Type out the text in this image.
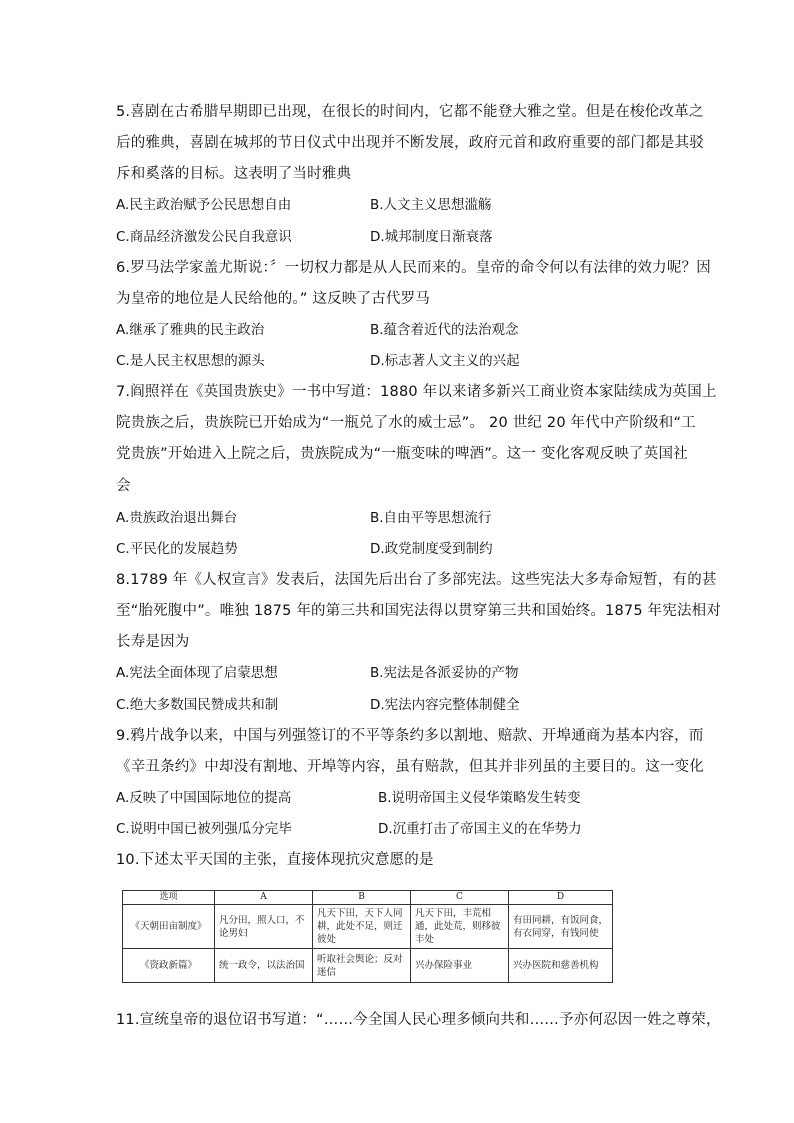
5.喜剧在古希腊早期即已出现，在很长的时间内，它都不能登大雅之堂。但是在梭伦改革之
后的雅典，喜剧在城邦的节日仪式中出现并不断发展，政府元首和政府重要的部门都是其驳
斥和奚落的目标。这表明了当时雅典
A.民主政治赋予公民思想自由	B.人文主义思想滥觞
C.商品经济激发公民自我意识	D.城邦制度日渐衰落
6.罗马法学家盖尤斯说：〞一切权力都是从人民而来的。皇帝的命令何以有法律的效力呢？因
为皇帝的地位是人民给他的。” 这反映了古代罗马
A.继承了雅典的民主政治	B.蕴含着近代的法治观念
C.是人民主权思想的源头	D.标志著人文主义的兴起
7.阎照祥在《英国贵族史》一书中写道：1880 年以来诸多新兴工商业资本家陆续成为英国上
院贵族之后，贵族院已开始成为“一瓶兑了水的威士忌”。 20 世纪 20 年代中产阶级和“工
党贵族”开始进入上院之后，贵族院成为“一瓶变味的啤酒”。这一 变化客观反映了英国社
会
A.贵族政治退出舞台	B.自由平等思想流行
C.平民化的发展趋势	D.政党制度受到制约
8.1789 年《人权宣言》发表后，法国先后出台了多部宪法。这些宪法大多寿命短暂，有的甚
至“胎死腹中”。唯独 1875 年的第三共和国宪法得以贯穿第三共和国始终。1875 年宪法相对
长寿是因为
A.宪法全面体现了启蒙思想	B.宪法是各派妥协的产物
C.绝大多数国民赞成共和制	D.宪法内容完整体制健全
9.鸦片战争以来，中国与列强签订的不平等条约多以割地、赔款、开埠通商为基本内容，而
《辛丑条约》中却没有割地、开埠等内容，虽有赔款，但其并非列虽的主要目的。这一变化
A.反映了中国国际地位的提高	B.说明帝国主义侵华策略发生转变
C.说明中国已被列强瓜分完毕	D.沉重打击了帝国主义的在华势力
10.下述太平天国的主张，直接体现抗灾意愿的是
选项	A	B	C	D
《天朝田亩制度》	凡分田，照人口，不论男妇	凡天下田，天下人同耕，此处不足，则迁彼处	凡天下田，丰荒相通，此处荒，则移彼丰处	有田同耕，有饭同食，有衣同穿，有钱同使
《资政新篇》	统一政令，以法治国	听取社会舆论；反对迷信	兴办保险事业	兴办医院和慈善机构
11.宣统皇帝的退位诏书写道：“……今全国人民心理多倾向共和……予亦何忍因一姓之尊荣，
